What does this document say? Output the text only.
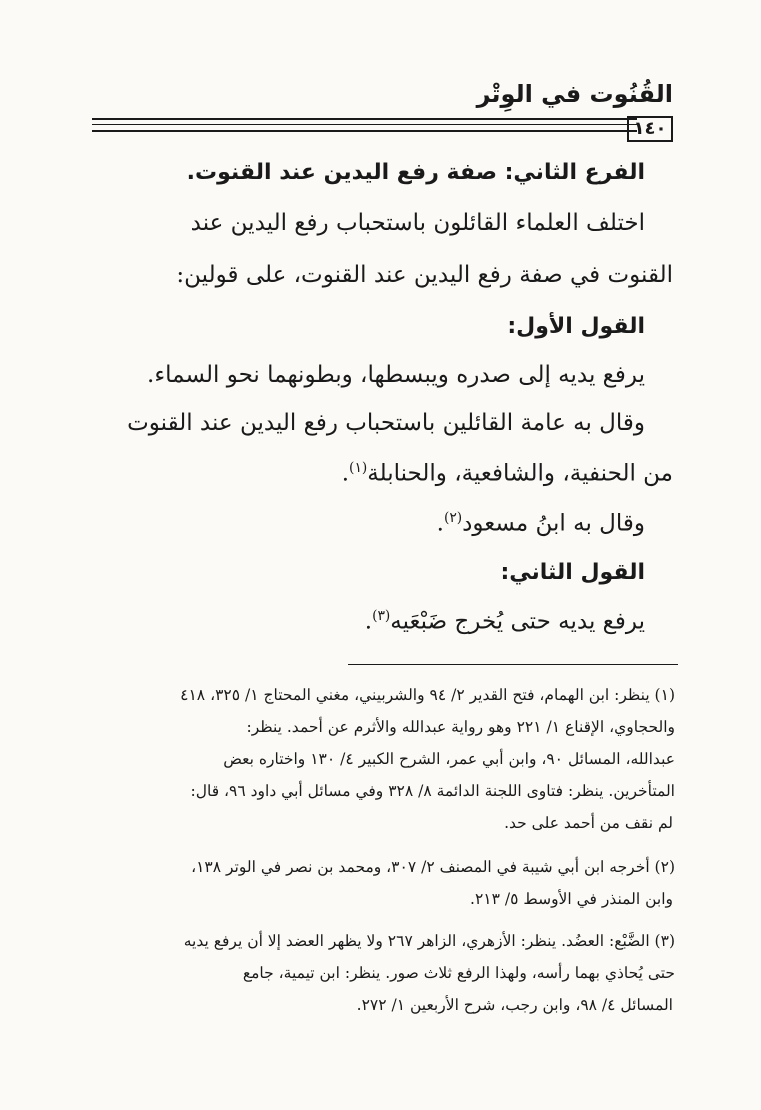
القُنُوت في الوِتْر
١٤٠
الفرع الثاني: صفة رفع اليدين عند القنوت.
اختلف العلماء القائلون باستحباب رفع اليدين عند
القنوت في صفة رفع اليدين عند القنوت، على قولين:
القول الأول:
يرفع يديه إلى صدره ويبسطها، وبطونهما نحو السماء.
وقال به عامة القائلين باستحباب رفع اليدين عند القنوت
من الحنفية، والشافعية، والحنابلة$^{(١)}$.
وقال به ابنُ مسعود$^{(٢)}$.
القول الثاني:
يرفع يديه حتى يُخرج ضَبْعَيه$^{(٣)}$.
(١) ينظر: ابن الهمام، فتح القدير ٢/ ٩٤ والشربيني، مغني المحتاج ١/ ٣٢٥، ٤١٨
والحجاوي، الإقناع ١/ ٢٢١ وهو رواية عبدالله والأثرم عن أحمد. ينظر:
عبدالله، المسائل ٩٠، وابن أبي عمر، الشرح الكبير ٤/ ١٣٠ واختاره بعض
المتأخرين. ينظر: فتاوى اللجنة الدائمة ٨/ ٣٢٨ وفي مسائل أبي داود ٩٦، قال:
لم نقف من أحمد على حد.
(٢) أخرجه ابن أبي شيبة في المصنف ٢/ ٣٠٧، ومحمد بن نصر في الوتر ١٣٨،
وابن المنذر في الأوسط ٥/ ٢١٣.
(٣) الضَّبْع: العضُد. ينظر: الأزهري، الزاهر ٢٦٧ ولا يظهر العضد إلا أن يرفع يديه
حتى يُحاذي بهما رأسه، ولهذا الرفع ثلاث صور. ينظر: ابن تيمية، جامع
المسائل ٤/ ٩٨، وابن رجب، شرح الأربعين ١/ ٢٧٢.
